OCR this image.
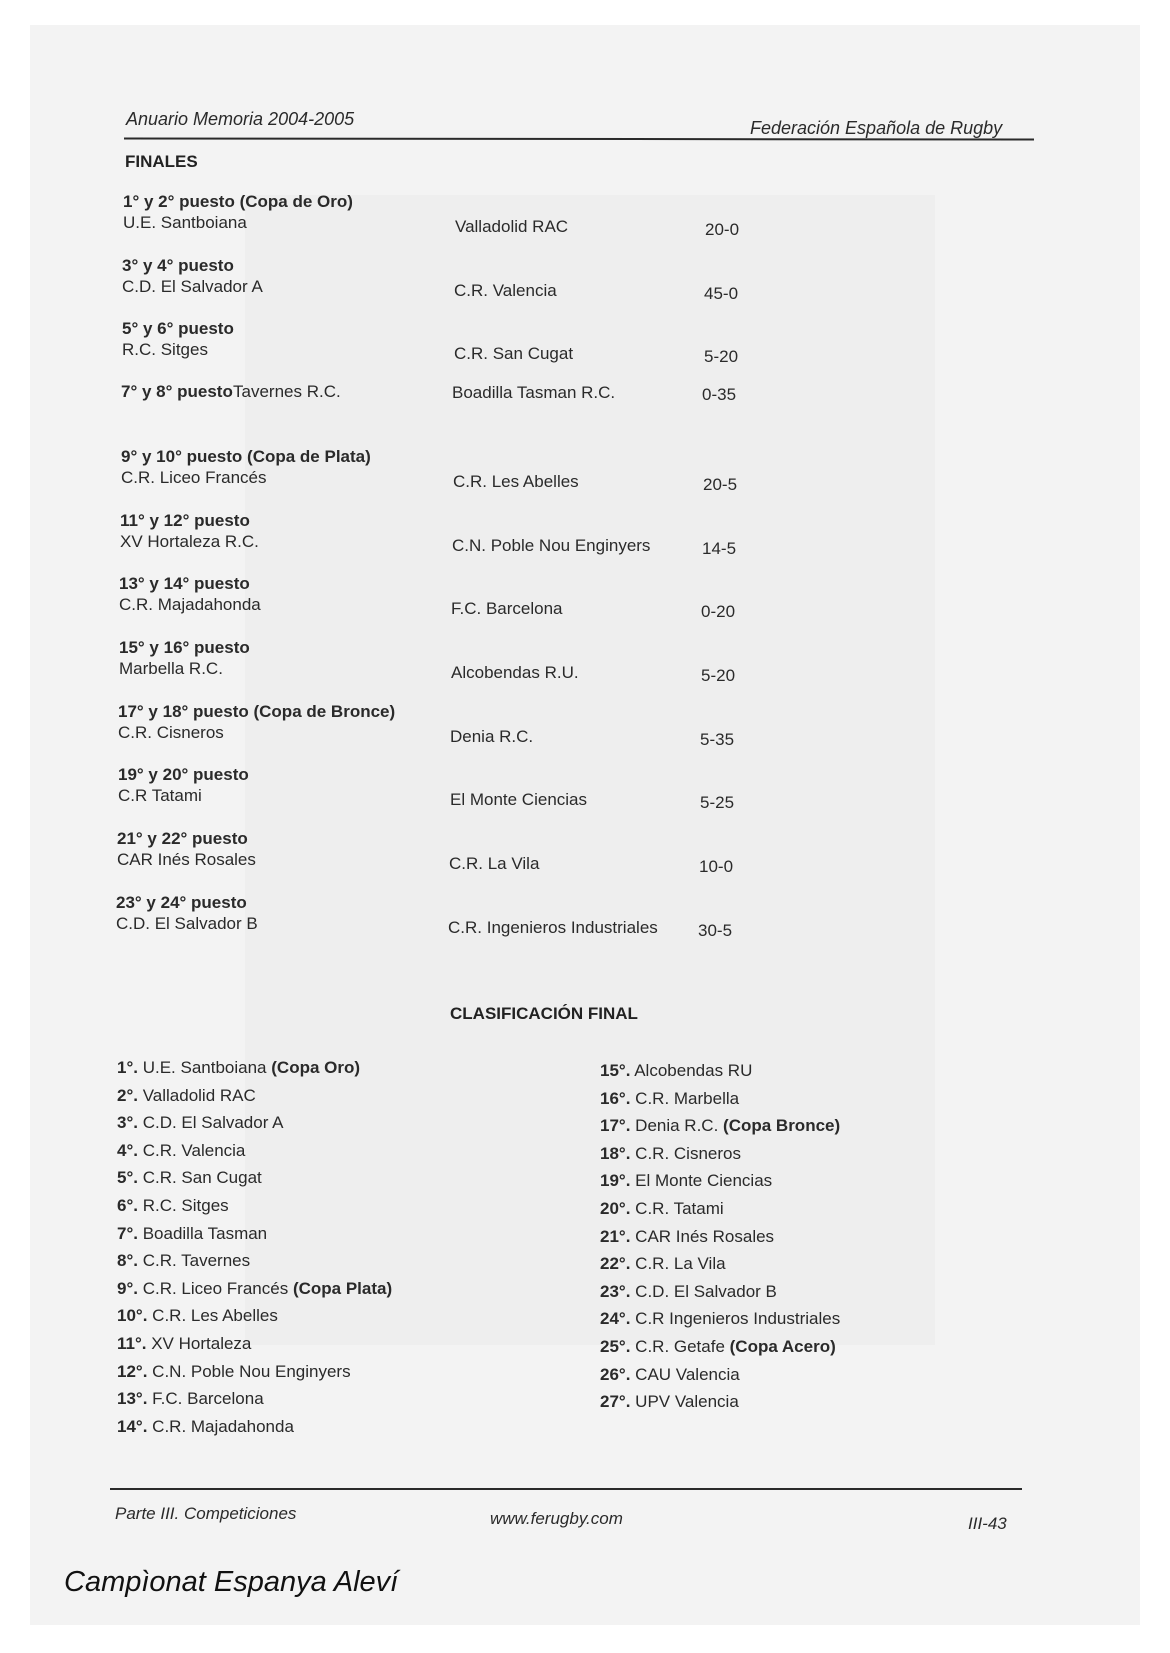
Anuario Memoria 2004-2005	Federación Española de Rugby
FINALES
1° y 2° puesto (Copa de Oro)
U.E. Santboiana	Valladolid RAC	20-0
3° y 4° puesto
C.D. El Salvador A	C.R. Valencia	45-0
5° y 6° puesto
R.C. Sitges	C.R. San Cugat	5-20
7° y 8° puesto Tavernes R.C.	Boadilla Tasman R.C.	0-35
9° y 10° puesto (Copa de Plata)
C.R. Liceo Francés	C.R. Les Abelles	20-5
11° y 12° puesto
XV Hortaleza R.C.	C.N. Poble Nou Enginyers	14-5
13° y 14° puesto
C.R. Majadahonda	F.C. Barcelona	0-20
15° y 16° puesto
Marbella R.C.	Alcobendas R.U.	5-20
17° y 18° puesto (Copa de Bronce)
C.R. Cisneros	Denia R.C.	5-35
19° y 20° puesto
C.R Tatami	El Monte Ciencias	5-25
21° y 22° puesto
CAR Inés Rosales	C.R. La Vila	10-0
23° y 24° puesto
C.D. El Salvador B	C.R. Ingenieros Industriales 30-5
CLASIFICACIÓN FINAL
1°. U.E. Santboiana (Copa Oro)
2°. Valladolid RAC
3°. C.D. El Salvador A
4°. C.R. Valencia
5°. C.R. San Cugat
6°. R.C. Sitges
7°. Boadilla Tasman
8°. C.R. Tavernes
9°. C.R. Liceo Francés (Copa Plata)
10°. C.R. Les Abelles
11°. XV Hortaleza
12°. C.N. Poble Nou Enginyers
13°. F.C. Barcelona
14°. C.R. Majadahonda
15°. Alcobendas RU
16°. C.R. Marbella
17°. Denia R.C. (Copa Bronce)
18°. C.R. Cisneros
19°. El Monte Ciencias
20°. C.R. Tatami
21°. CAR Inés Rosales
22°. C.R. La Vila
23°. C.D. El Salvador B
24°. C.R Ingenieros Industriales
25°. C.R. Getafe (Copa Acero)
26°. CAU Valencia
27°. UPV Valencia
Parte III. Competiciones	www.ferugby.com	III-43
Campìonat Espanya Aleví
